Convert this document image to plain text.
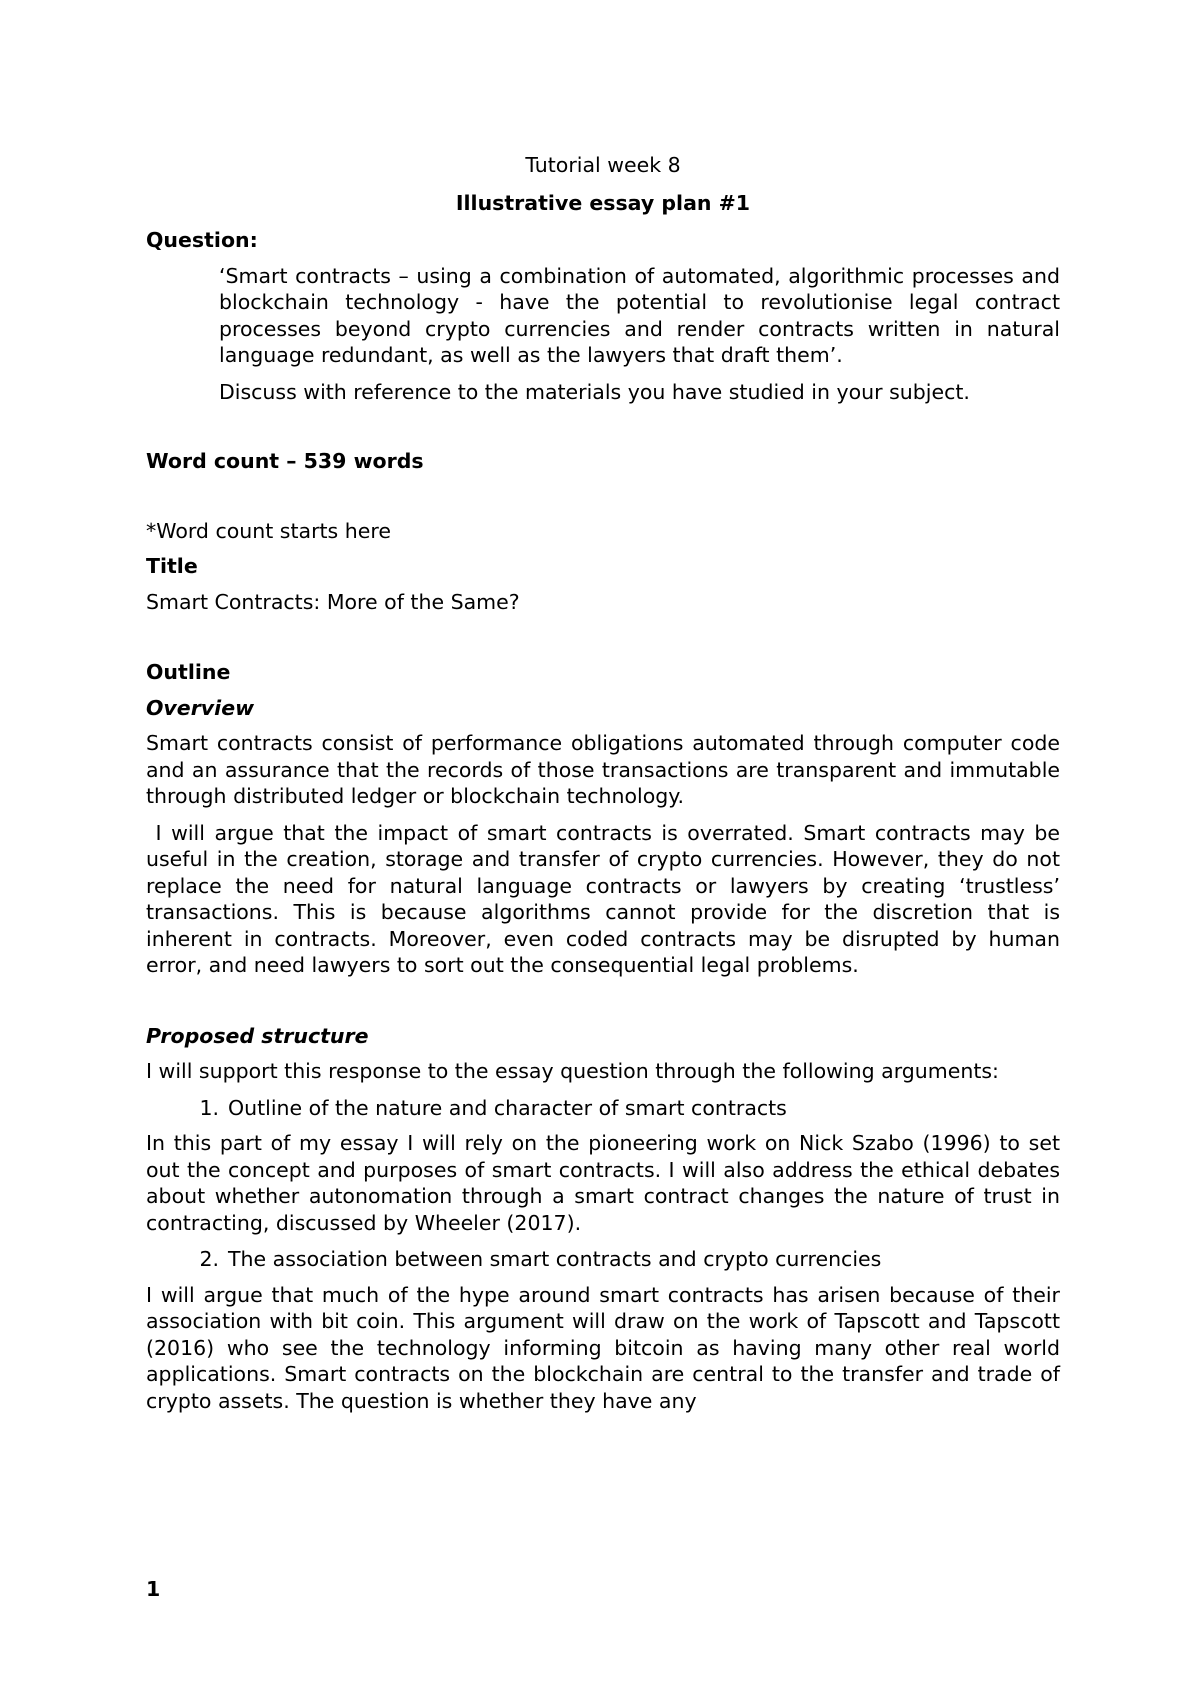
Tutorial week 8

Illustrative essay plan #1

Question:

‘Smart contracts – using a combination of automated, algorithmic processes and blockchain technology - have the potential to revolutionise legal contract processes beyond crypto currencies and render contracts written in natural language redundant, as well as the lawyers that draft them’.

Discuss with reference to the materials you have studied in your subject.

Word count – 539 words

*Word count starts here

Title

Smart Contracts: More of the Same?

Outline

Overview

Smart contracts consist of performance obligations automated through computer code and an assurance that the records of those transactions are transparent and immutable through distributed ledger or blockchain technology.

I will argue that the impact of smart contracts is overrated. Smart contracts may be useful in the creation, storage and transfer of crypto currencies. However, they do not replace the need for natural language contracts or lawyers by creating ‘trustless’ transactions. This is because algorithms cannot provide for the discretion that is inherent in contracts. Moreover, even coded contracts may be disrupted by human error, and need lawyers to sort out the consequential legal problems.

Proposed structure

I will support this response to the essay question through the following arguments:

1. Outline of the nature and character of smart contracts

In this part of my essay I will rely on the pioneering work on Nick Szabo (1996) to set out the concept and purposes of smart contracts. I will also address the ethical debates about whether autonomation through a smart contract changes the nature of trust in contracting, discussed by Wheeler (2017).

2. The association between smart contracts and crypto currencies

I will argue that much of the hype around smart contracts has arisen because of their association with bit coin. This argument will draw on the work of Tapscott and Tapscott (2016) who see the technology informing bitcoin as having many other real world applications. Smart contracts on the blockchain are central to the transfer and trade of crypto assets. The question is whether they have any

1
